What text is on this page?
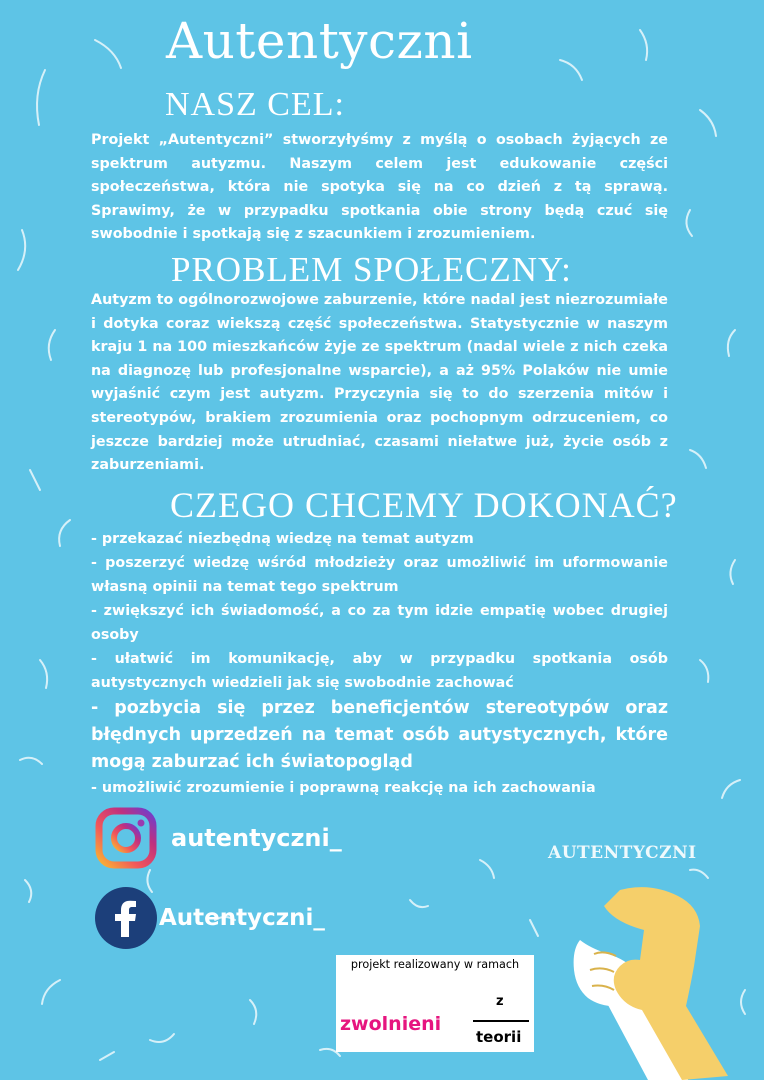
Autentyczni
NASZ CEL:

Projekt „Autentyczni” stworzyłyśmy z myślą o osobach żyjących ze spektrum autyzmu. Naszym celem jest edukowanie części społeczeństwa, która nie spotyka się na co dzień z tą sprawą. Sprawimy, że w przypadku spotkania obie strony będą czuć się swobodnie i spotkają się z szacunkiem i zrozumieniem.

PROBLEM SPOŁECZNY:

Autyzm to ogólnorozwojowe zaburzenie, które nadal jest niezrozumiałe i dotyka coraz wiekszą część społeczeństwa. Statystycznie w naszym kraju 1 na 100 mieszkańców żyje ze spektrum (nadal wiele z nich czeka na diagnozę lub profesjonalne wsparcie), a aż 95% Polaków nie umie wyjaśnić czym jest autyzm. Przyczynia się to do szerzenia mitów i stereotypów, brakiem zrozumienia oraz pochopnym odrzuceniem, co jeszcze bardziej może utrudniać, czasami niełatwe już, życie osób z zaburzeniami.

CZEGO CHCEMY DOKONAĆ?
- przekazać niezbędną wiedzę na temat autyzm
- poszerzyć wiedzę wśród młodzieży oraz umożliwić im uformowanie własną opinii na temat tego spektrum
- zwiększyć ich świadomość, a co za tym idzie empatię wobec drugiej osoby
- ułatwić im komunikację, aby w przypadku spotkania osób autystycznych wiedzieli jak się swobodnie zachować
- pozbycia się przez beneficjentów stereotypów oraz błędnych uprzedzeń na temat osób autystycznych, które mogą zaburzać ich światopogląd
- umożliwić zrozumienie i poprawną reakcję na ich zachowania
autentyczni_
Autentyczni_
AUTENTYCZNI
projekt realizowany w ramach
zwolnieni
z
teorii
